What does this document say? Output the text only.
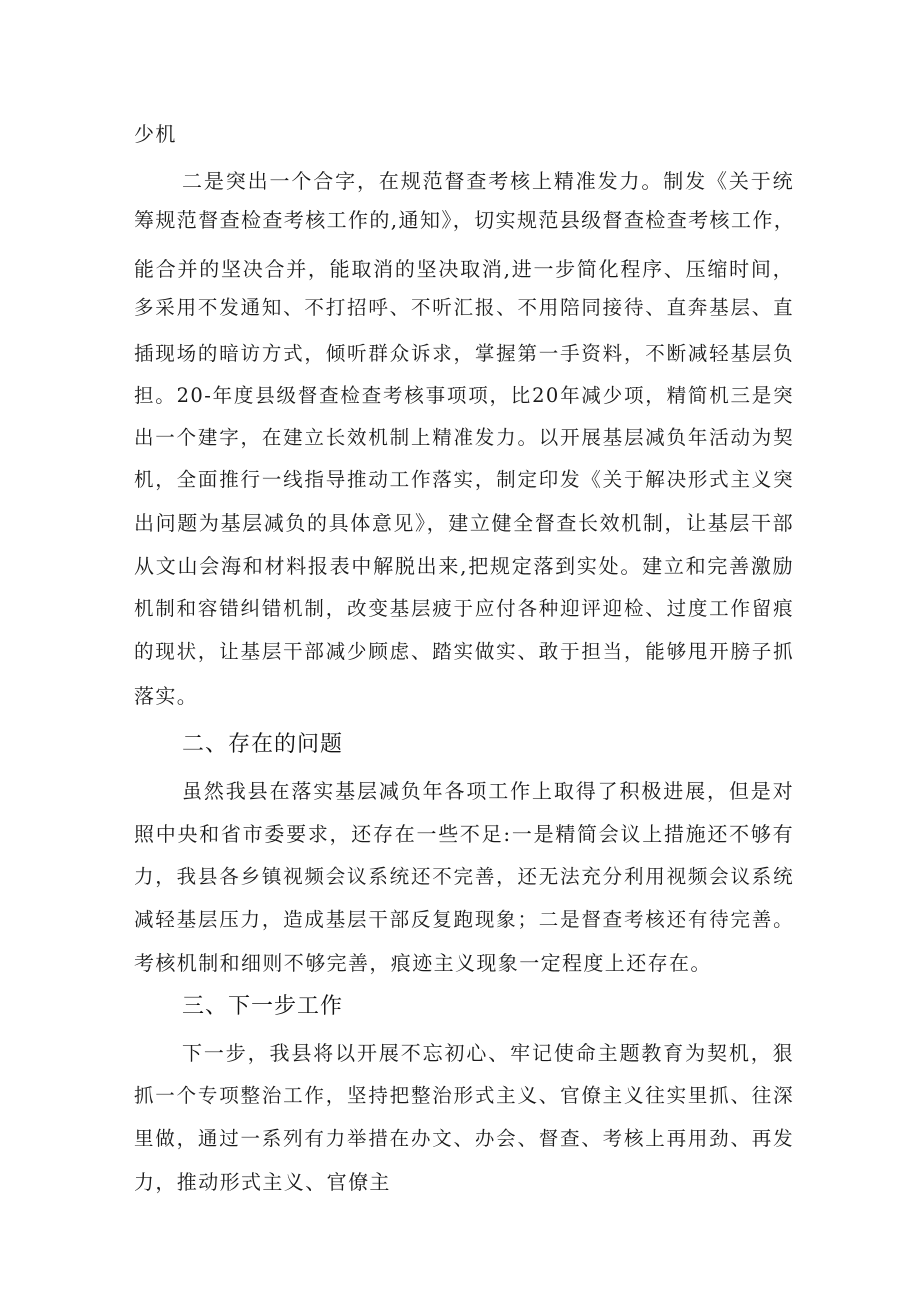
少机
二是突出一个合字，在规范督查考核上精准发力。制发《关于统
筹规范督查检查考核工作的,通知》，切实规范县级督查检查考核工作，
能合并的坚决合并，能取消的坚决取消,进一步简化程序、压缩时间，
多采用不发通知、不打招呼、不听汇报、不用陪同接待、直奔基层、直
插现场的暗访方式，倾听群众诉求，掌握第一手资料，不断减轻基层负
担。20-年度县级督查检查考核事项项，比20年减少项，精简机三是突
出一个建字，在建立长效机制上精准发力。以开展基层减负年活动为契
机，全面推行一线指导推动工作落实，制定印发《关于解决形式主义突
出问题为基层减负的具体意见》，建立健全督查长效机制，让基层干部
从文山会海和材料报表中解脱出来,把规定落到实处。建立和完善激励
机制和容错纠错机制，改变基层疲于应付各种迎评迎检、过度工作留痕
的现状，让基层干部减少顾虑、踏实做实、敢于担当，能够甩开膀子抓
落实。
二、存在的问题
虽然我县在落实基层减负年各项工作上取得了积极进展，但是对
照中央和省市委要求，还存在一些不足:一是精简会议上措施还不够有
力，我县各乡镇视频会议系统还不完善，还无法充分利用视频会议系统
减轻基层压力，造成基层干部反复跑现象；二是督查考核还有待完善。
考核机制和细则不够完善，痕迹主义现象一定程度上还存在。
三、下一步工作
下一步，我县将以开展不忘初心、牢记使命主题教育为契机，狠
抓一个专项整治工作，坚持把整治形式主义、官僚主义往实里抓、往深
里做，通过一系列有力举措在办文、办会、督查、考核上再用劲、再发
力，推动形式主义、官僚主
